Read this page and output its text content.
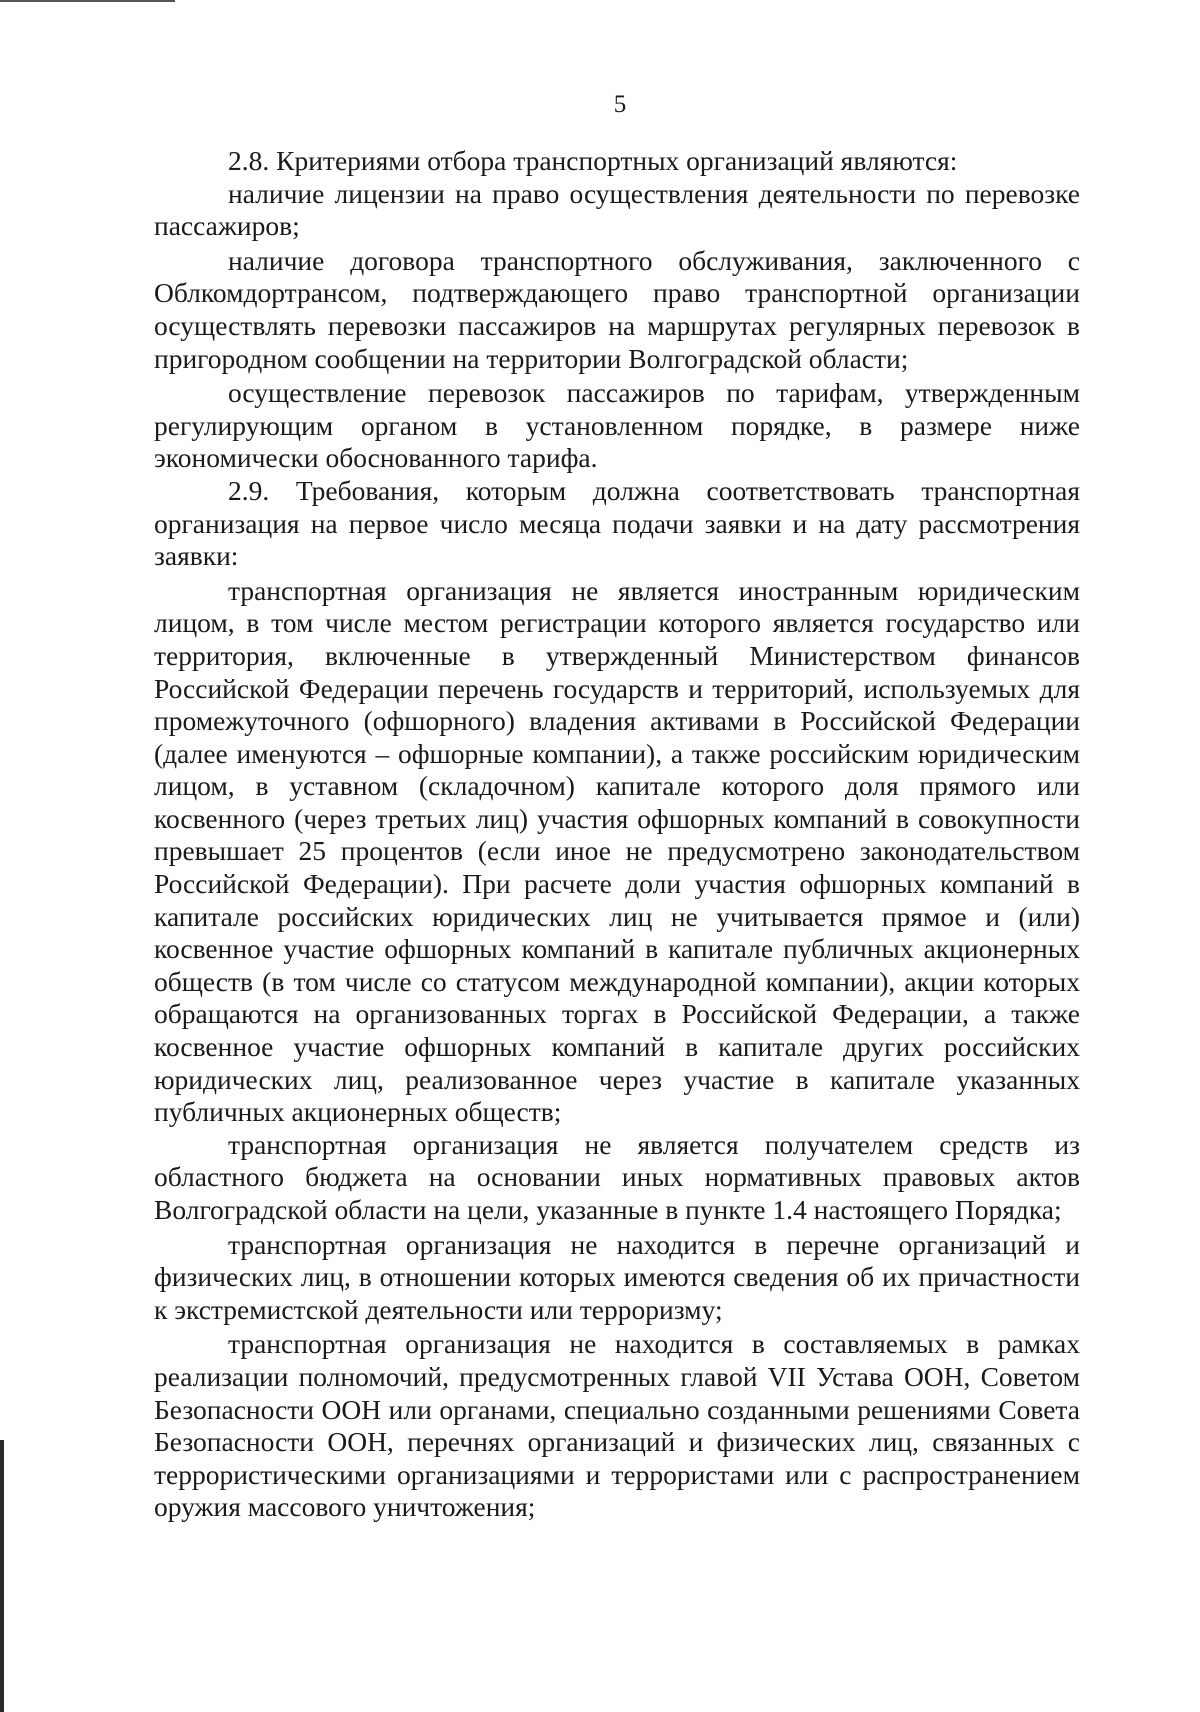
5

2.8. Критериями отбора транспортных организаций являются:

наличие лицензии на право осуществления деятельности по перевозке пассажиров;

наличие договора транспортного обслуживания, заключенного с Облкомдортрансом, подтверждающего право транспортной организации осуществлять перевозки пассажиров на маршрутах регулярных перевозок в пригородном сообщении на территории Волгоградской области;

осуществление перевозок пассажиров по тарифам, утвержденным регулирующим органом в установленном порядке, в размере ниже экономически обоснованного тарифа.

2.9. Требования, которым должна соответствовать транспортная организация на первое число месяца подачи заявки и на дату рассмотрения заявки:

транспортная организация не является иностранным юридическим лицом, в том числе местом регистрации которого является государство или территория, включенные в утвержденный Министерством финансов Российской Федерации перечень государств и территорий, используемых для промежуточного (офшорного) владения активами в Российской Федерации (далее именуются – офшорные компании), а также российским юридическим лицом, в уставном (складочном) капитале которого доля прямого или косвенного (через третьих лиц) участия офшорных компаний в совокупности превышает 25 процентов (если иное не предусмотрено законодательством Российской Федерации). При расчете доли участия офшорных компаний в капитале российских юридических лиц не учитывается прямое и (или) косвенное участие офшорных компаний в капитале публичных акционерных обществ (в том числе со статусом международной компании), акции которых обращаются на организованных торгах в Российской Федерации, а также косвенное участие офшорных компаний в капитале других российских юридических лиц, реализованное через участие в капитале указанных публичных акционерных обществ;

транспортная организация не является получателем средств из областного бюджета на основании иных нормативных правовых актов Волгоградской области на цели, указанные в пункте 1.4 настоящего Порядка;

транспортная организация не находится в перечне организаций и физических лиц, в отношении которых имеются сведения об их причастности к экстремистской деятельности или терроризму;

транспортная организация не находится в составляемых в рамках реализации полномочий, предусмотренных главой VII Устава ООН, Советом Безопасности ООН или органами, специально созданными решениями Совета Безопасности ООН, перечнях организаций и физических лиц, связанных с террористическими организациями и террористами или с распространением оружия массового уничтожения;
